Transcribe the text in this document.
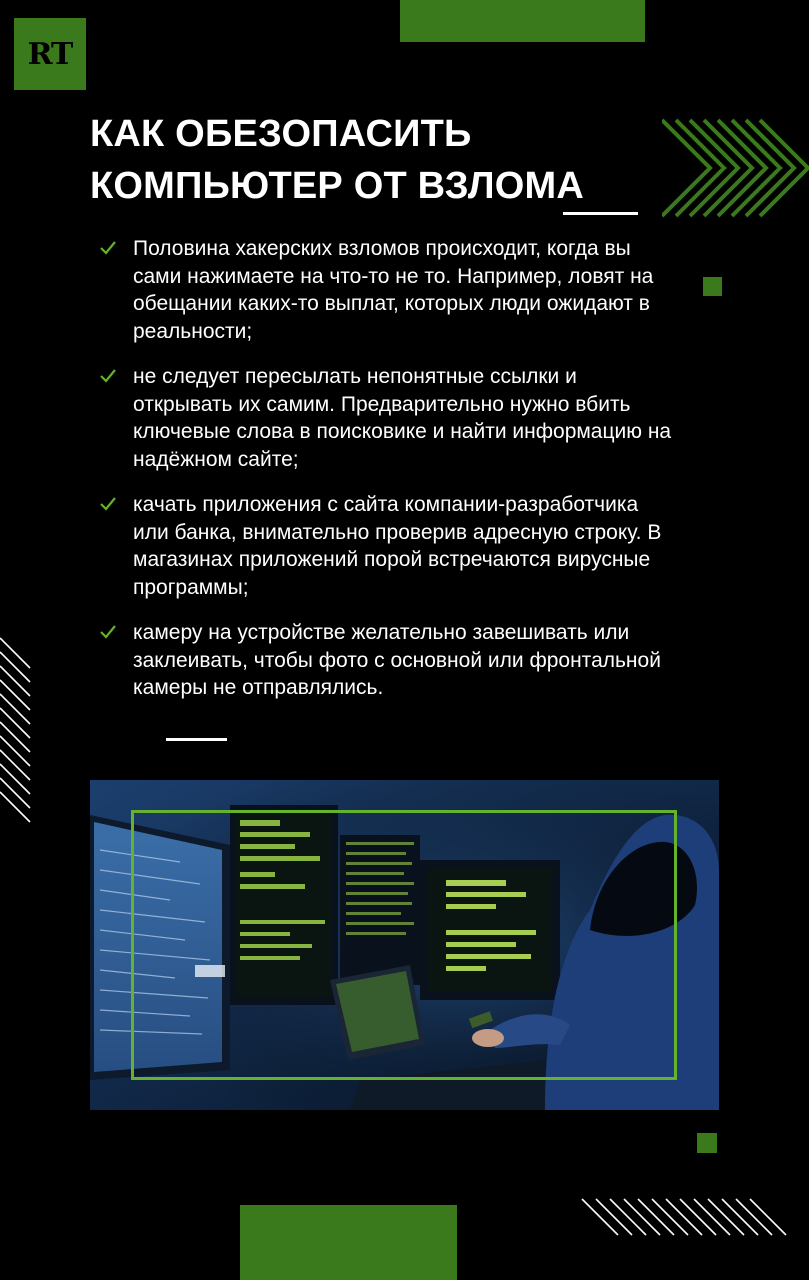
RT
КАК ОБЕЗОПАСИТЬ
КОМПЬЮТЕР ОТ ВЗЛОМА
Половина хакерских взломов происходит, когда вы сами нажимаете на что-то не то. Например, ловят на обещании каких-то выплат, которых люди ожидают в реальности;
не следует пересылать непонятные ссылки и открывать их самим. Предварительно нужно вбить ключевые слова в поисковике и найти информацию на надёжном сайте;
качать приложения с сайта компании-разработчика или банка, внимательно проверив адресную строку. В магазинах приложений порой встречаются вирусные программы;
камеру на устройстве желательно завешивать или заклеивать, чтобы фото с основной или фронтальной камеры не отправлялись.
